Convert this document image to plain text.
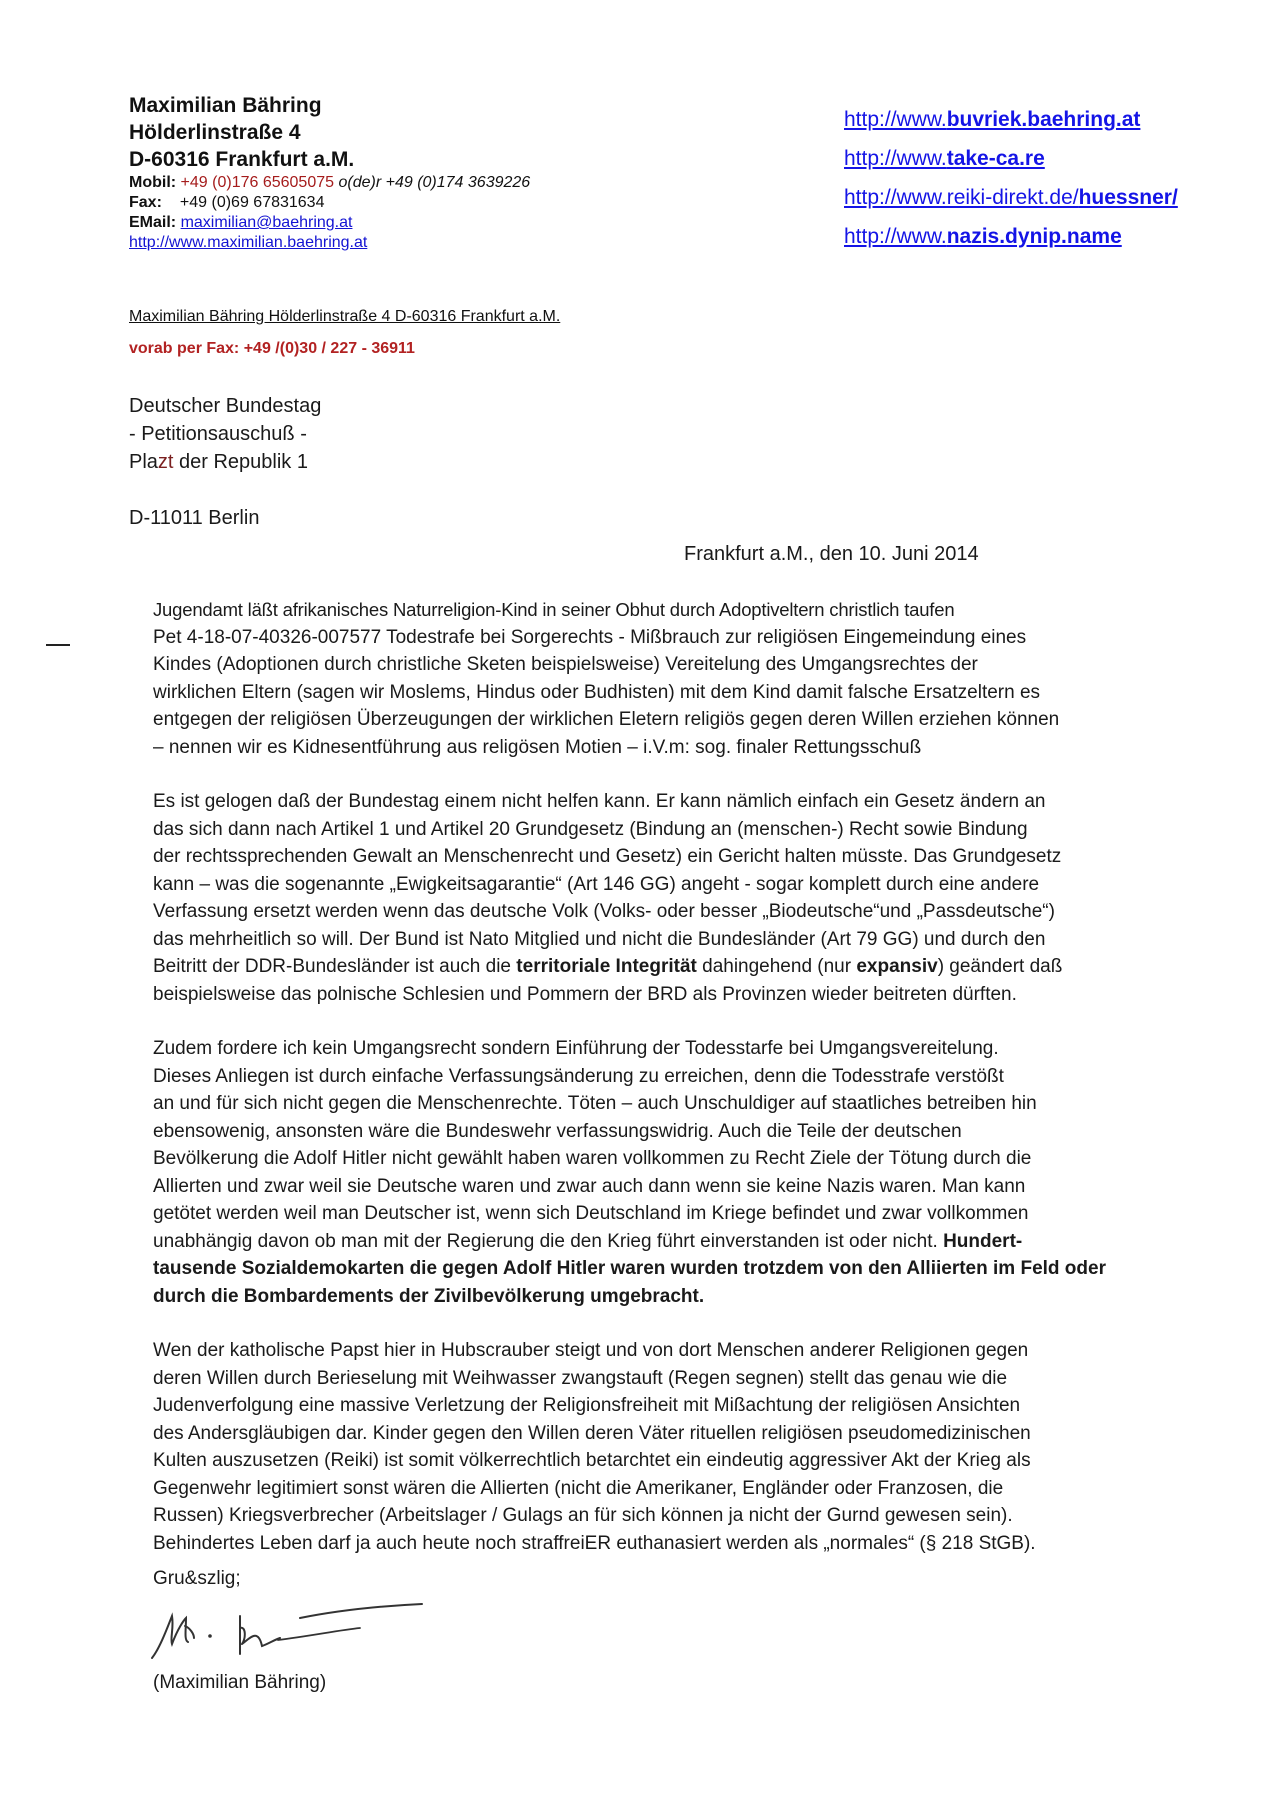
Maximilian Bähring
Hölderlinstraße 4
D-60316 Frankfurt a.M.
Mobil: +49 (0)176 65605075 o(de)r +49 (0)174 3639226
Fax: +49 (0)69 67831634
EMail: maximilian@baehring.at
http://www.maximilian.baehring.at
http://www.buvriek.baehring.at
http://www.take-ca.re
http://www.reiki-direkt.de/huessner/
http://www.nazis.dynip.name
Maximilian Bähring Hölderlinstraße 4 D-60316 Frankfurt a.M.
vorab per Fax: +49 /(0)30 / 227 - 36911
Deutscher Bundestag
- Petitionsauschuß -
Plazt der Republik 1
D-11011 Berlin
Frankfurt a.M., den 10. Juni 2014

Jugendamt läßt afrikanisches Naturreligion-Kind in seiner Obhut durch Adoptiveltern christlich taufen

Pet 4-18-07-40326-007577 Todestrafe bei Sorgerechts - Mißbrauch zur religiösen Eingemeindung eines

Kindes (Adoptionen durch christliche Sketen beispielsweise) Vereitelung des Umgangsrechtes der

wirklichen Eltern (sagen wir Moslems, Hindus oder Budhisten) mit dem Kind damit falsche Ersatzeltern es

entgegen der religiösen Überzeugungen der wirklichen Eletern religiös gegen deren Willen erziehen können

– nennen wir es Kidnesentführung aus religösen Motien – i.V.m: sog. finaler Rettungsschuß

Es ist gelogen daß der Bundestag einem nicht helfen kann. Er kann nämlich einfach ein Gesetz ändern an

das sich dann nach Artikel 1 und Artikel 20 Grundgesetz (Bindung an (menschen-) Recht sowie Bindung

der rechtssprechenden Gewalt an Menschenrecht und Gesetz) ein Gericht halten müsste. Das Grundgesetz

kann – was die sogenannte „Ewigkeitsagarantie“ (Art 146 GG) angeht - sogar komplett durch eine andere

Verfassung ersetzt werden wenn das deutsche Volk (Volks- oder besser „Biodeutsche“und „Passdeutsche“)

das mehrheitlich so will. Der Bund ist Nato Mitglied und nicht die Bundesländer (Art 79 GG) und durch den

Beitritt der DDR-Bundesländer ist auch die territoriale Integrität dahingehend (nur expansiv) geändert daß

beispielsweise das polnische Schlesien und Pommern der BRD als Provinzen wieder beitreten dürften.

Zudem fordere ich kein Umgangsrecht sondern Einführung der Todesstarfe bei Umgangsvereitelung.

Dieses Anliegen ist durch einfache Verfassungsänderung zu erreichen, denn die Todesstrafe verstößt

an und für sich nicht gegen die Menschenrechte. Töten – auch Unschuldiger auf staatliches betreiben hin

ebensowenig, ansonsten wäre die Bundeswehr verfassungswidrig. Auch die Teile der deutschen

Bevölkerung die Adolf Hitler nicht gewählt haben waren vollkommen zu Recht Ziele der Tötung durch die

Allierten und zwar weil sie Deutsche waren und zwar auch dann wenn sie keine Nazis waren. Man kann

getötet werden weil man Deutscher ist, wenn sich Deutschland im Kriege befindet und zwar vollkommen

unabhängig davon ob man mit der Regierung die den Krieg führt einverstanden ist oder nicht. Hundert-

tausende Sozialdemokarten die gegen Adolf Hitler waren wurden trotzdem von den Alliierten im Feld oder

durch die Bombardements der Zivilbevölkerung umgebracht.

Wen der katholische Papst hier in Hubscrauber steigt und von dort Menschen anderer Religionen gegen

deren Willen durch Berieselung mit Weihwasser zwangstauft (Regen segnen) stellt das genau wie die

Judenverfolgung eine massive Verletzung der Religionsfreiheit mit Mißachtung der religiösen Ansichten

des Andersgläubigen dar. Kinder gegen den Willen deren Väter rituellen religiösen pseudomedizinischen

Kulten auszusetzen (Reiki) ist somit völkerrechtlich betarchtet ein eindeutig aggressiver Akt der Krieg als

Gegenwehr legitimiert sonst wären die Allierten (nicht die Amerikaner, Engländer oder Franzosen, die

Russen) Kriegsverbrecher (Arbeitslager / Gulags an für sich können ja nicht der Gurnd gewesen sein).

Behindertes Leben darf ja auch heute noch straffreiER euthanasiert werden als „normales“ (§ 218 StGB).

Gru&szlig;
(Maximilian Bähring)
